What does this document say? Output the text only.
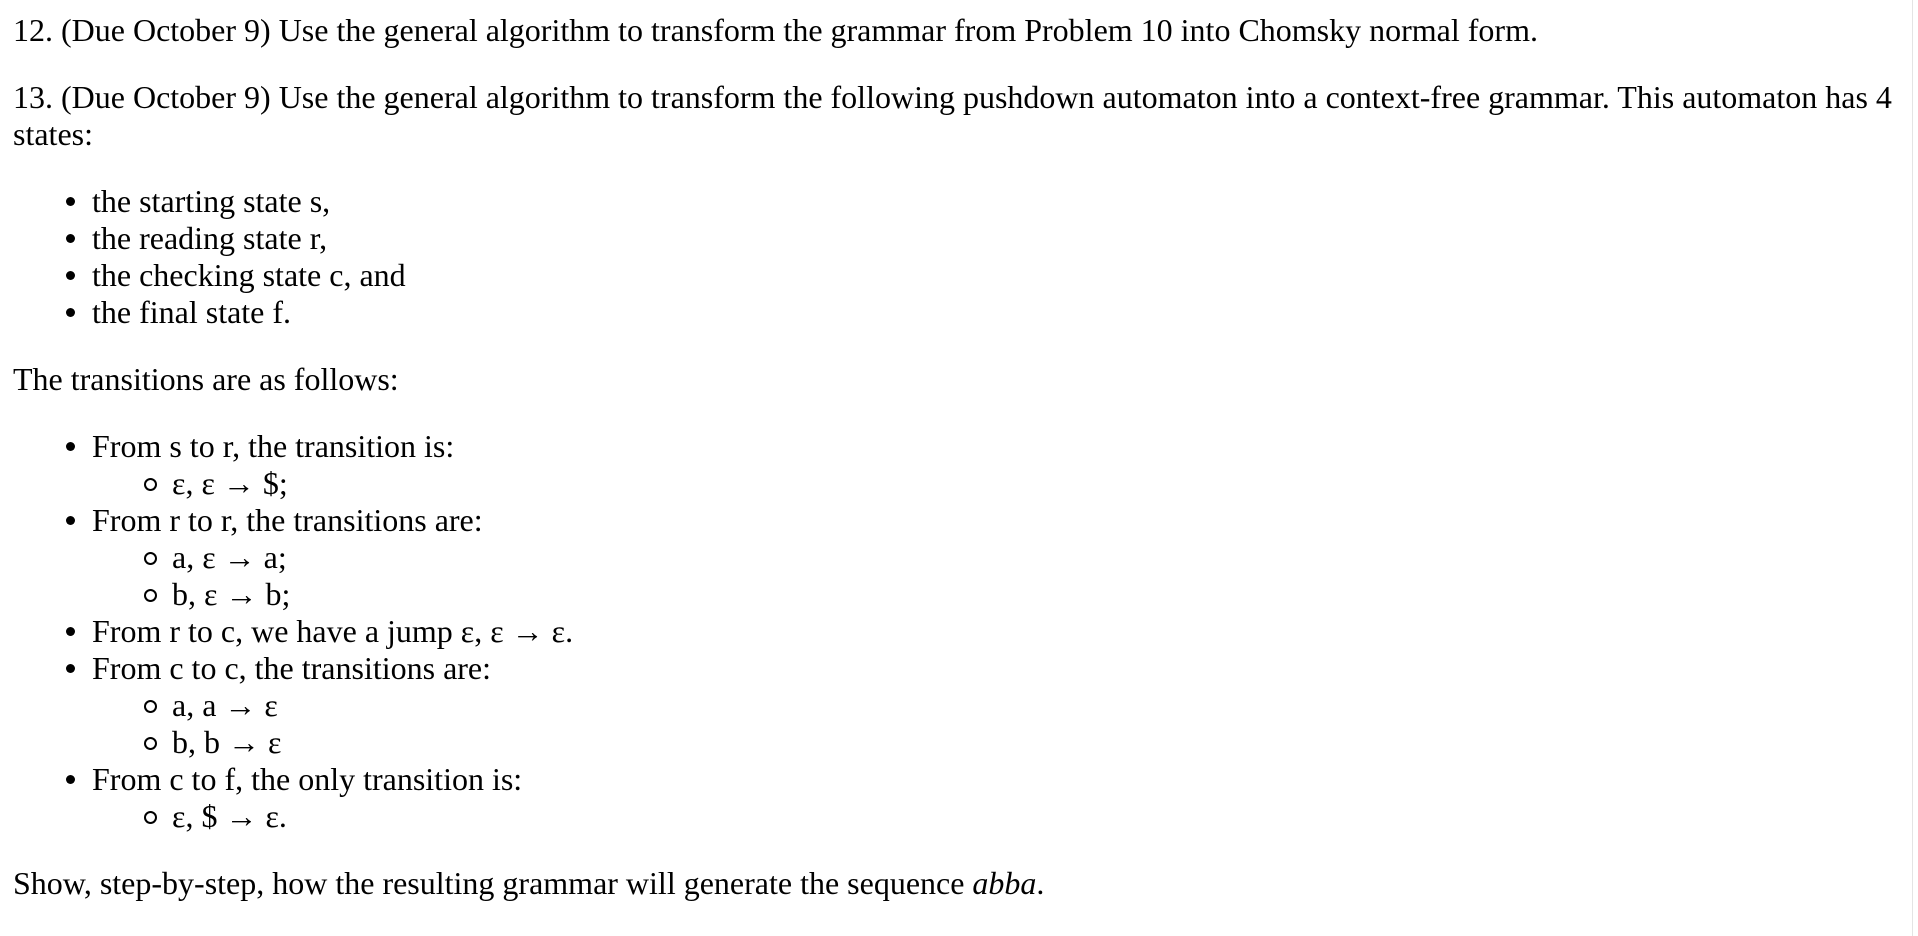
12. (Due October 9) Use the general algorithm to transform the grammar from Problem 10 into Chomsky normal form.

13. (Due October 9) Use the general algorithm to transform the following pushdown automaton into a context-free grammar. This automaton has 4 states:

the starting state s,
the reading state r,
the checking state c, and
the final state f.

The transitions are as follows:

From s to r, the transition is:
ε, ε → $;
From r to r, the transitions are:
a, ε → a;
b, ε → b;
From r to c, we have a jump ε, ε → ε.
From c to c, the transitions are:
a, a → ε
b, b → ε
From c to f, the only transition is:
ε, $ → ε.

Show, step-by-step, how the resulting grammar will generate the sequence abba.
